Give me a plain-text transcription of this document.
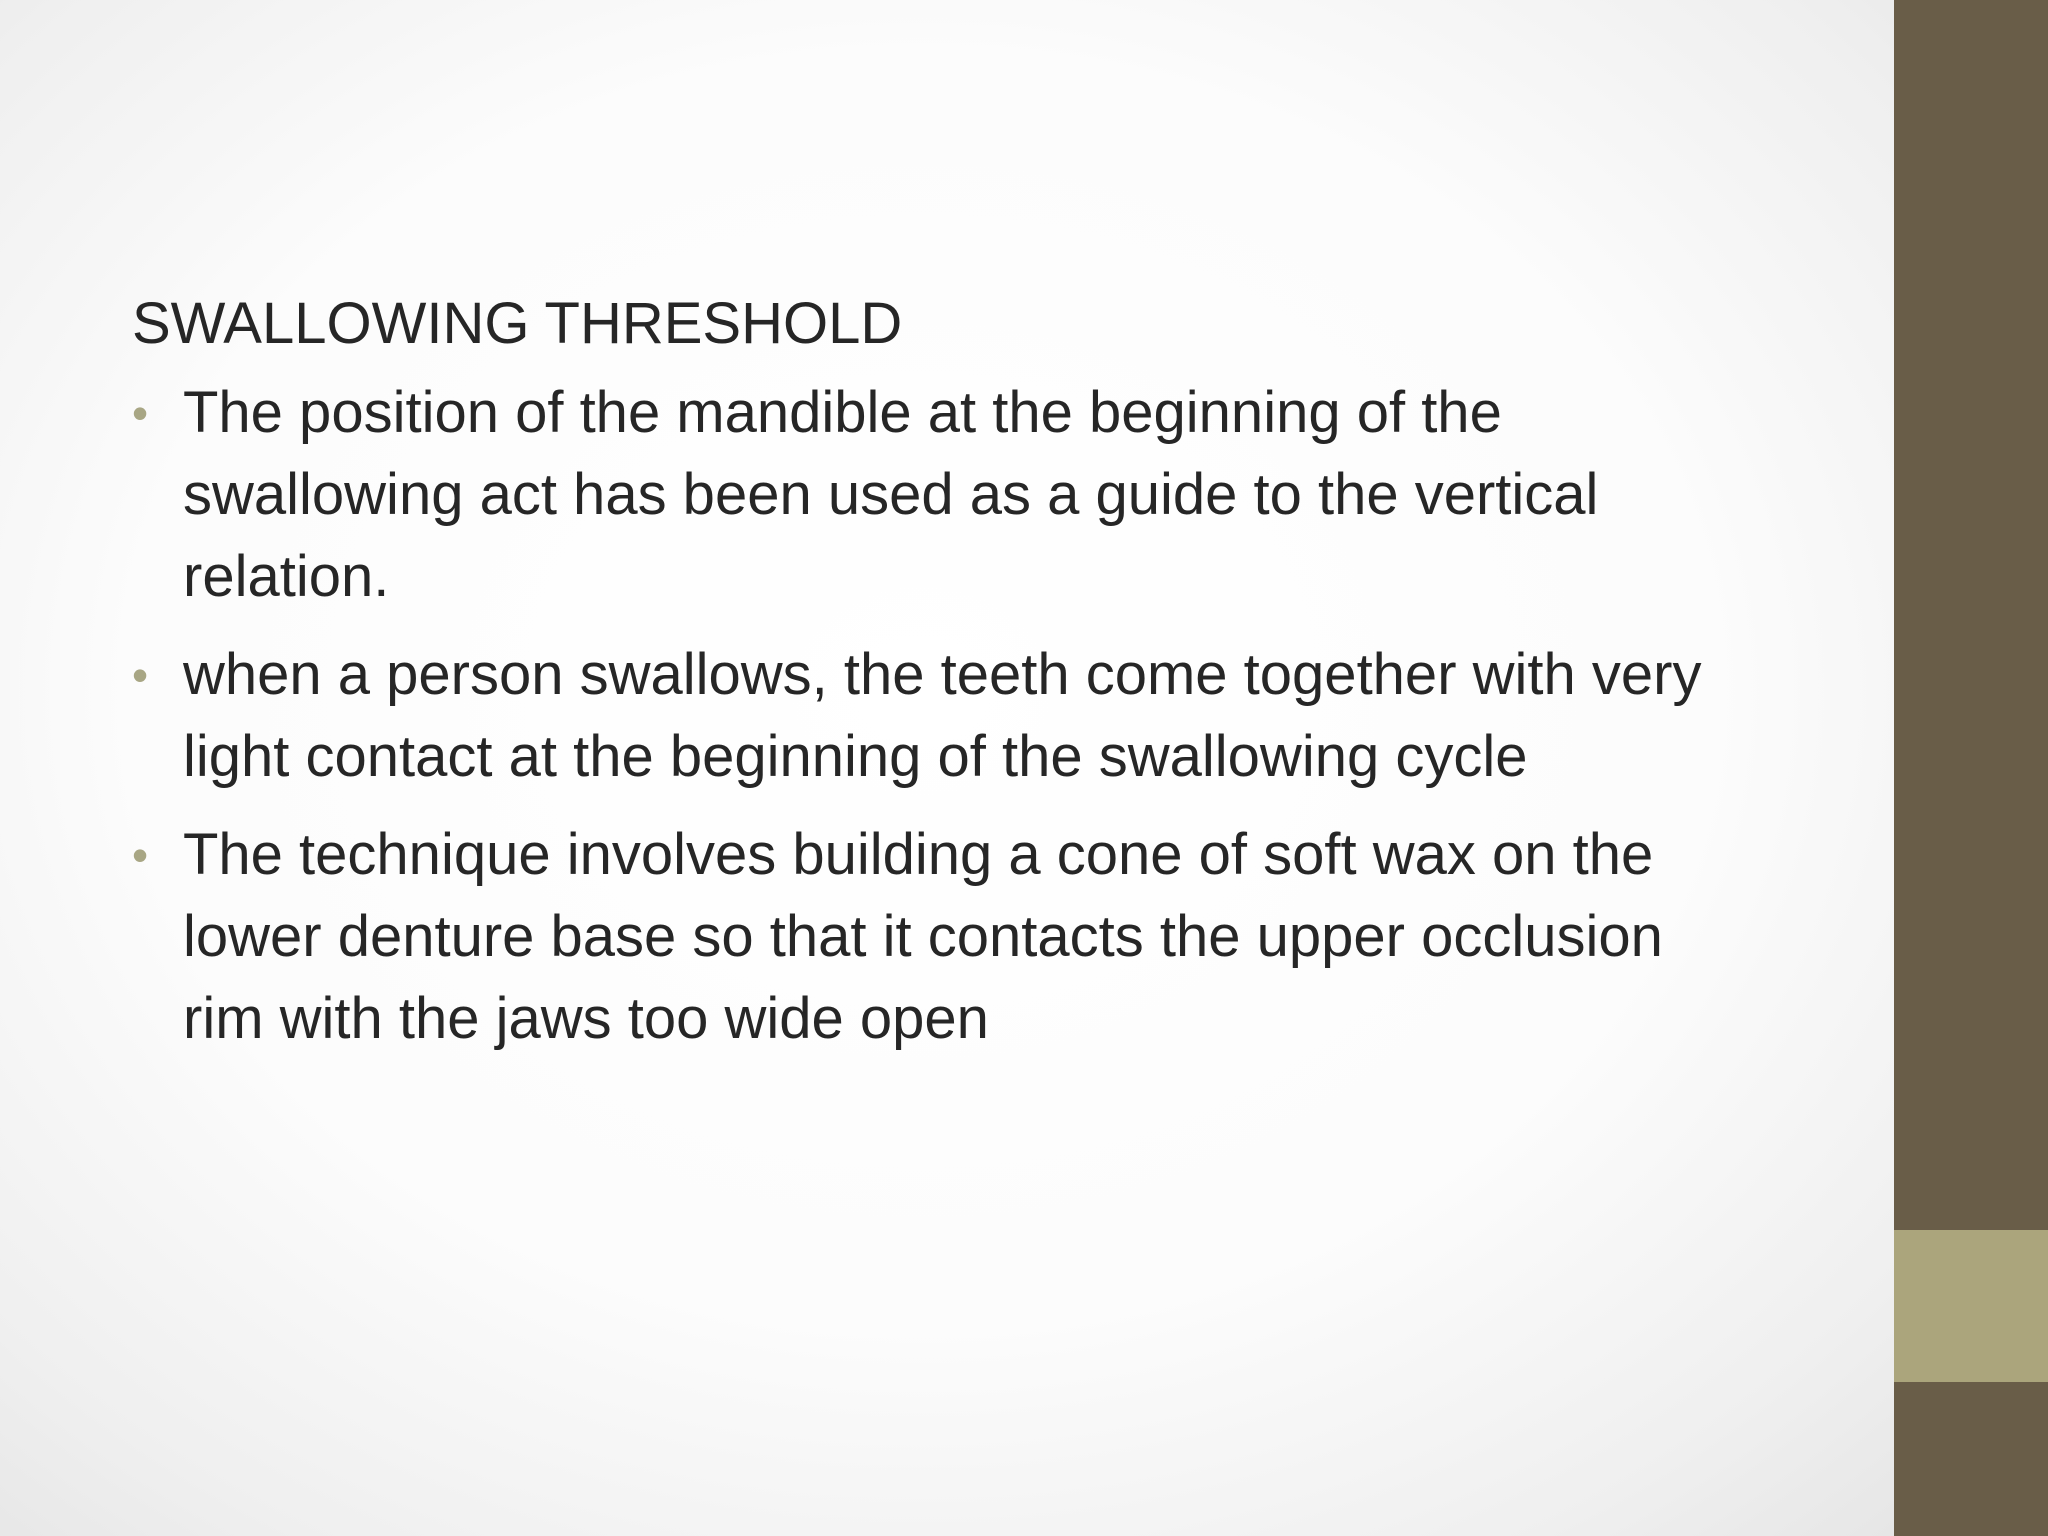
SWALLOWING THRESHOLD
• The position of the mandible at the beginning of the swallowing act has been used as a guide to the vertical relation.
• when a person swallows, the teeth come together with very light contact at the beginning of the swallowing cycle
• The technique involves building a cone of soft wax on the lower denture base so that it contacts the upper occlusion rim with the jaws too wide open
